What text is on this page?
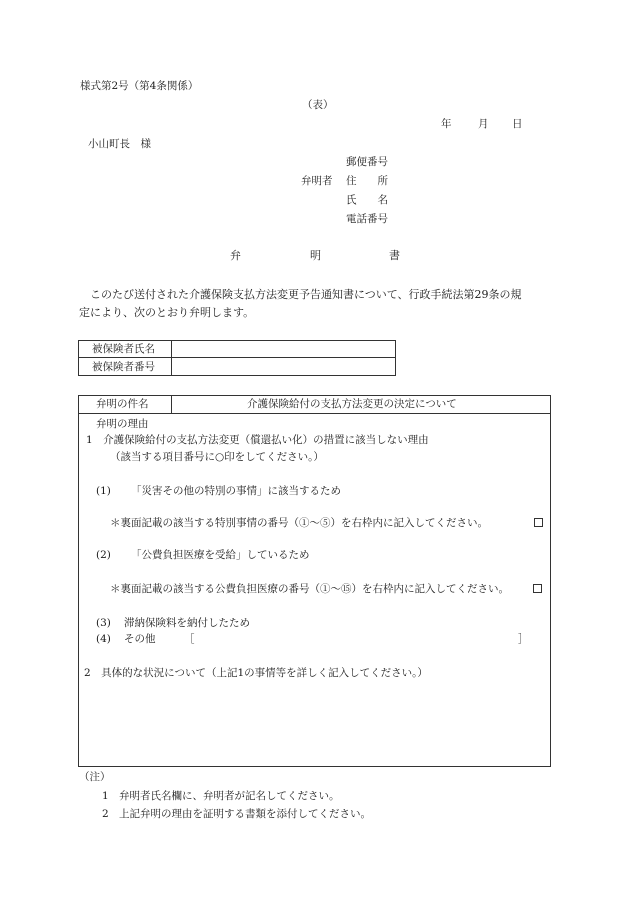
様式第2号（第4条関係）
（表）
年	月 日
小山町長　様
郵便番号
弁明者 住　　所
氏　　名
電話番号
弁	明	書
このたび送付された介護保険支払方法変更予告通知書について、行政手続法第29条の規
定により、次のとおり弁明します。
被保険者氏名
被保険者番号
弁明の件名	介護保険給付の支払方法変更の決定について
弁明の理由
1　介護保険給付の支払方法変更（償還払い化）の措置に該当しない理由
（該当する項目番号に○印をしてください。）
(1) 「災害その他の特別の事情」に該当するため
＊裏面記載の該当する特別事情の番号（①～⑤）を右枠内に記入してください。
(2) 「公費負担医療を受給」しているため
＊裏面記載の該当する公費負担医療の番号（①～⑮）を右枠内に記入してください。
(3) 滞納保険料を納付したため
(4) その他	［	］
2　具体的な状況について（上記1の事情等を詳しく記入してください。）
（注）
1 弁明者氏名欄に、弁明者が記名してください。
2 上記弁明の理由を証明する書類を添付してください。
